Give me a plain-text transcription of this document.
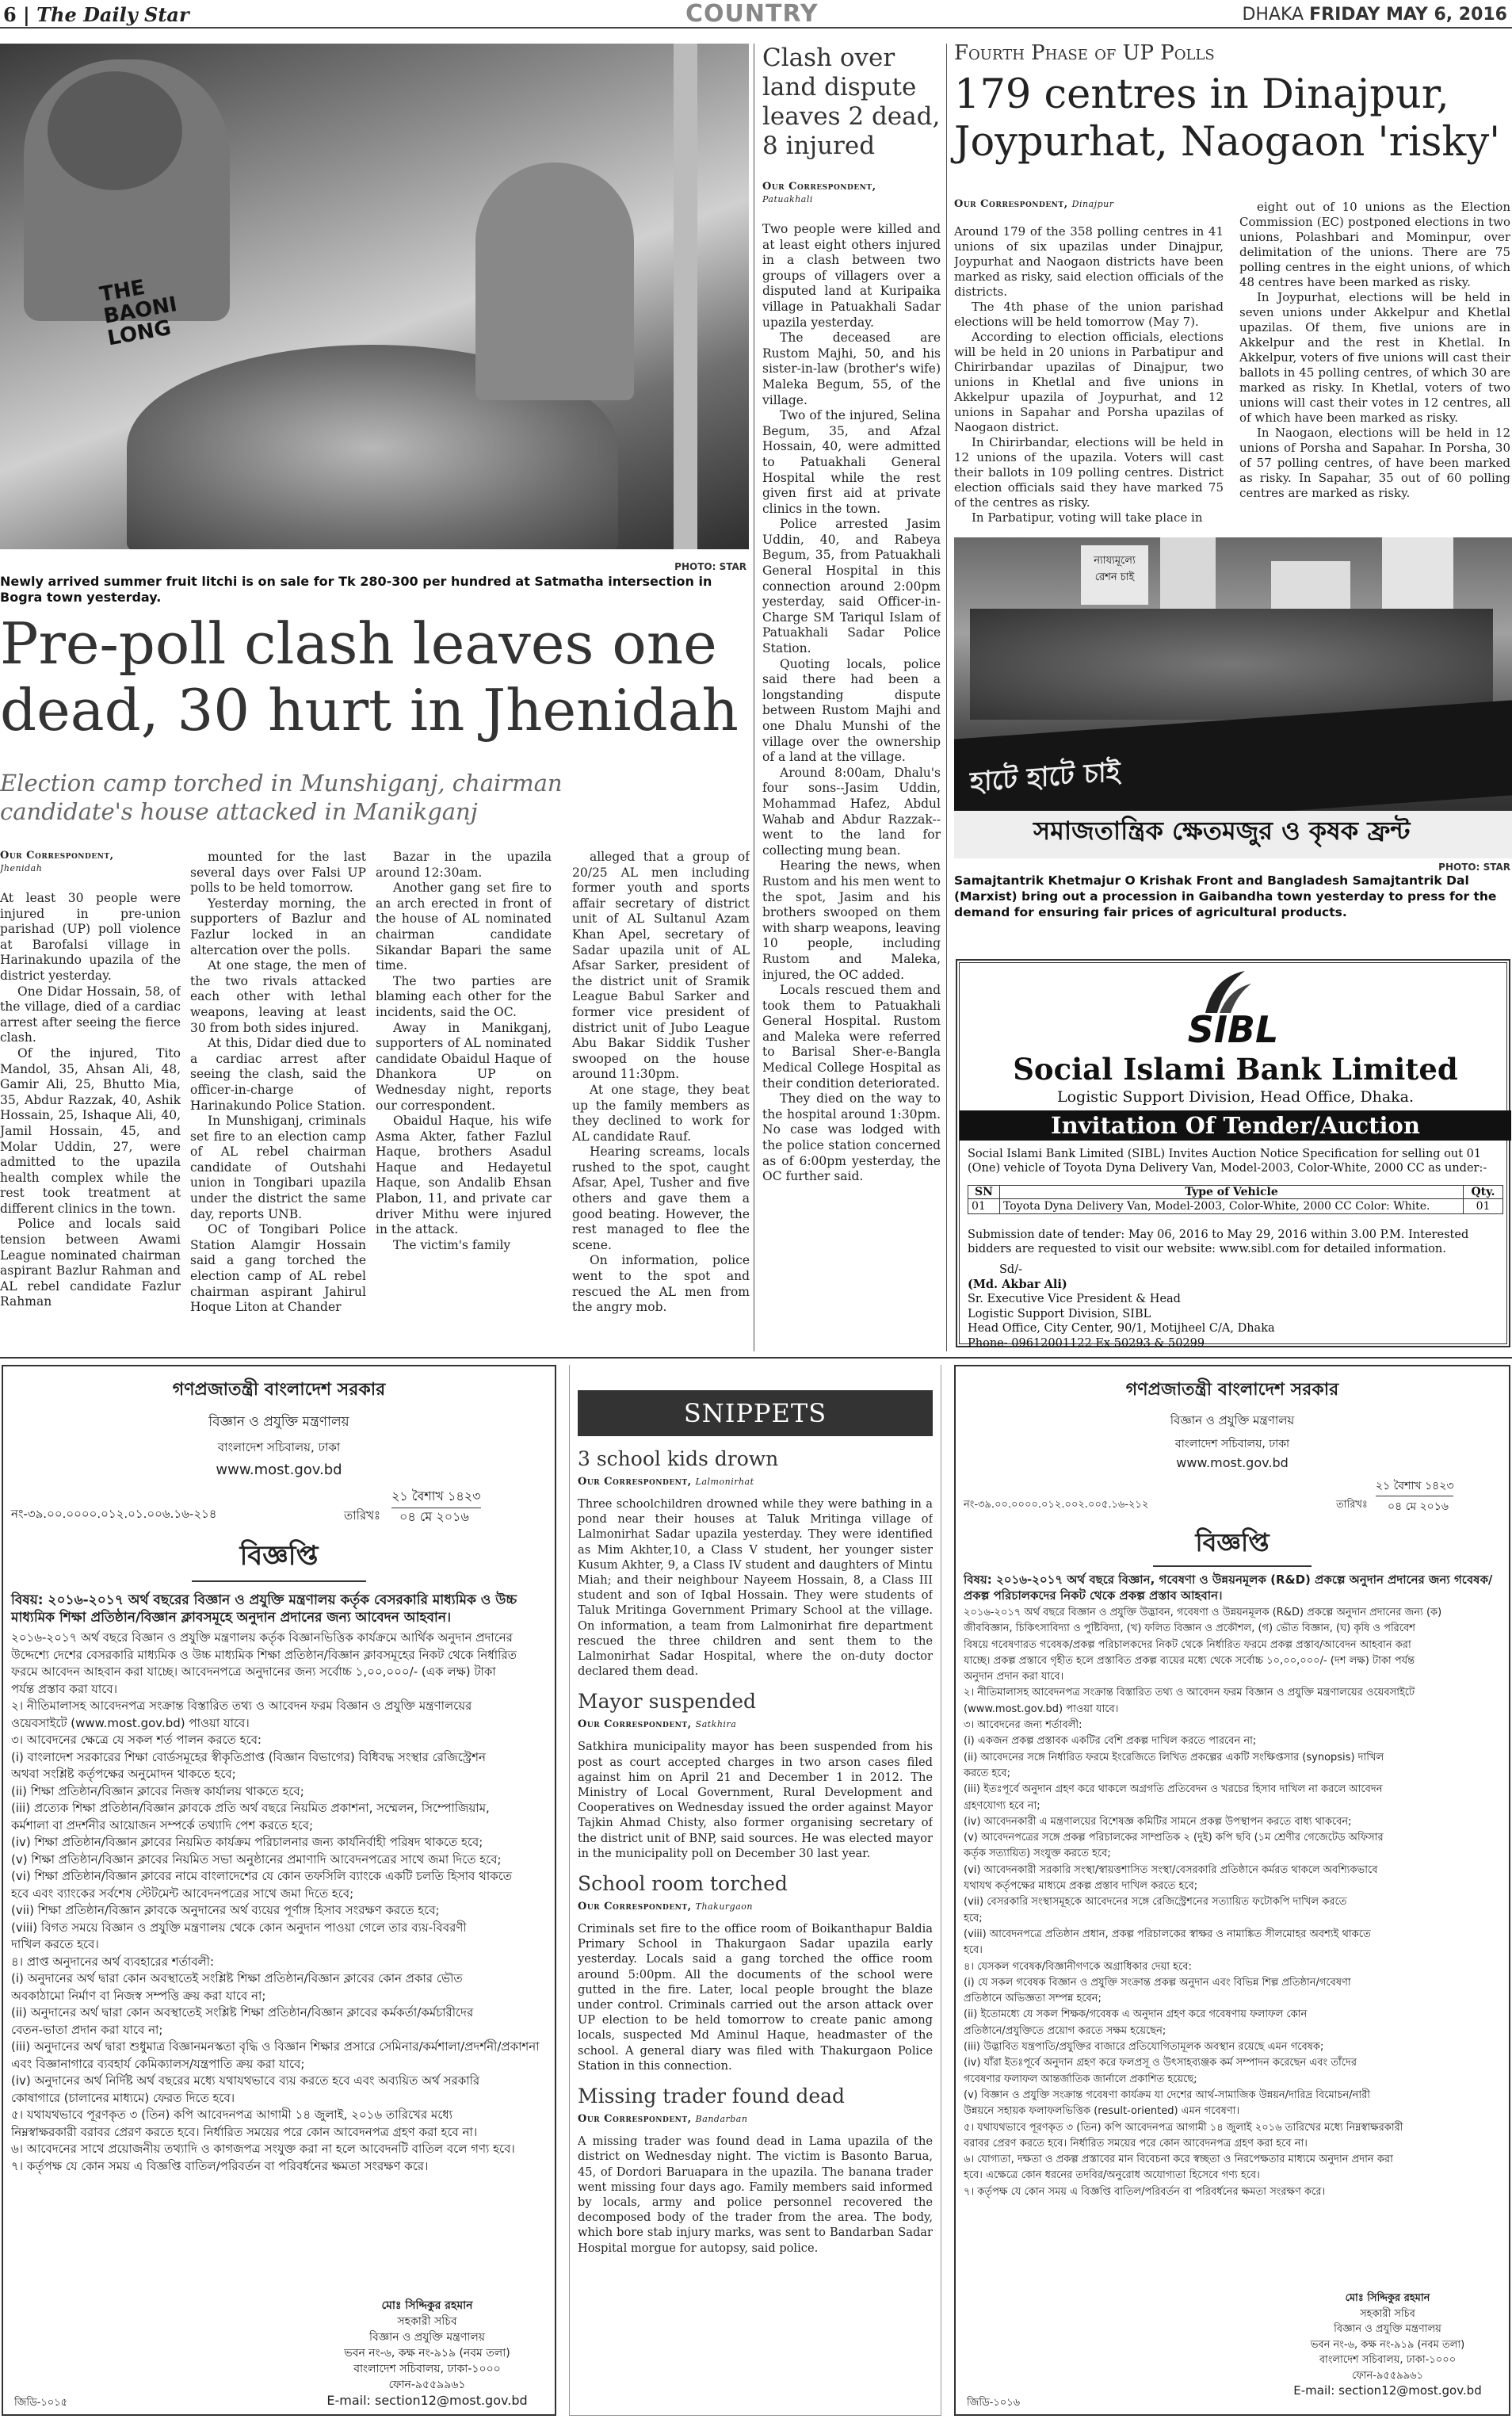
6 | The Daily Star	COUNTRY	DHAKA FRIDAY MAY 6, 2016
THE BAONI LONG
PHOTO: STAR
Newly arrived summer fruit litchi is on sale for Tk 280-300 per hundred at Satmatha intersection in Bogra town yesterday.
Pre-poll clash leaves one dead, 30 hurt in Jhenidah
Election camp torched in Munshiganj, chairman candidate's house attacked in Manikganj
Our Correspondent,
Jhenidah

At least 30 people were injured in pre-union parishad (UP) poll violence at Barofalsi village in Harinakundo upazila of the district yesterday.

One Didar Hossain, 58, of the village, died of a cardiac arrest after seeing the fierce clash.

Of the injured, Tito Mandol, 35, Ahsan Ali, 48, Gamir Ali, 25, Bhutto Mia, 35, Abdur Razzak, 40, Ashik Hossain, 25, Ishaque Ali, 40, Jamil Hossain, 45, and Molar Uddin, 27, were admitted to the upazila health complex while the rest took treatment at different clinics in the town.

Police and locals said tension between Awami League nominated chairman aspirant Bazlur Rahman and AL rebel candidate Fazlur Rahman

mounted for the last several days over Falsi UP polls to be held tomorrow.

Yesterday morning, the supporters of Bazlur and Fazlur locked in an altercation over the polls.

At one stage, the men of the two rivals attacked each other with lethal weapons, leaving at least 30 from both sides injured.

At this, Didar died due to a cardiac arrest after seeing the clash, said the officer-in-charge of Harinakundo Police Station.

In Munshiganj, criminals set fire to an election camp of AL rebel chairman candidate of Outshahi union in Tongibari upazila under the district the same day, reports UNB.

OC of Tongibari Police Station Alamgir Hossain said a gang torched the election camp of AL rebel chairman aspirant Jahirul Hoque Liton at Chander

Bazar in the upazila around 12:30am.

Another gang set fire to an arch erected in front of the house of AL nominated chairman candidate Sikandar Bapari the same time.

The two parties are blaming each other for the incidents, said the OC.

Away in Manikganj, supporters of AL nominated candidate Obaidul Haque of Dhankora UP on Wednesday night, reports our correspondent.

Obaidul Haque, his wife Asma Akter, father Fazlul Haque, brothers Asadul Haque and Hedayetul Haque, son Andalib Ehsan Plabon, 11, and private car driver Mithu were injured in the attack.

The victim's family

alleged that a group of 20/25 AL men including former youth and sports affair secretary of district unit of AL Sultanul Azam Khan Apel, secretary of Sadar upazila unit of AL Afsar Sarker, president of the district unit of Sramik League Babul Sarker and former vice president of district unit of Jubo League Abu Bakar Siddik Tusher swooped on the house around 11:30pm.

At one stage, they beat up the family members as they declined to work for AL candidate Rauf.

Hearing screams, locals rushed to the spot, caught Afsar, Apel, Tusher and five others and gave them a good beating. However, the rest managed to flee the scene.

On information, police went to the spot and rescued the AL men from the angry mob.

Clash over land dispute leaves 2 dead, 8 injured
Our Correspondent,
Patuakhali

Two people were killed and at least eight others injured in a clash between two groups of villagers over a disputed land at Kuripaika village in Patuakhali Sadar upazila yesterday.

The deceased are Rustom Majhi, 50, and his sister-in-law (brother's wife) Maleka Begum, 55, of the village.

Two of the injured, Selina Begum, 35, and Afzal Hossain, 40, were admitted to Patuakhali General Hospital while the rest given first aid at private clinics in the town.

Police arrested Jasim Uddin, 40, and Rabeya Begum, 35, from Patuakhali General Hospital in this connection around 2:00pm yesterday, said Officer-in-Charge SM Tariqul Islam of Patuakhali Sadar Police Station.

Quoting locals, police said there had been a longstanding dispute between Rustom Majhi and one Dhalu Munshi of the village over the ownership of a land at the village.

Around 8:00am, Dhalu's four sons--Jasim Uddin, Mohammad Hafez, Abdul Wahab and Abdur Razzak--went to the land for collecting mung bean.

Hearing the news, when Rustom and his men went to the spot, Jasim and his brothers swooped on them with sharp weapons, leaving 10 people, including Rustom and Maleka, injured, the OC added.

Locals rescued them and took them to Patuakhali General Hospital. Rustom and Maleka were referred to Barisal Sher-e-Bangla Medical College Hospital as their condition deteriorated.

They died on the way to the hospital around 1:30pm. No case was lodged with the police station concerned as of 6:00pm yesterday, the OC further said.

Fourth Phase of UP Polls
179 centres in Dinajpur, Joypurhat, Naogaon 'risky'
Our Correspondent, Dinajpur

Around 179 of the 358 polling centres in 41 unions of six upazilas under Dinajpur, Joypurhat and Naogaon districts have been marked as risky, said election officials of the districts.

The 4th phase of the union parishad elections will be held tomorrow (May 7).

According to election officials, elections will be held in 20 unions in Parbatipur and Chirirbandar upazilas of Dinajpur, two unions in Khetlal and five unions in Akkelpur upazila of Joypurhat, and 12 unions in Sapahar and Porsha upazilas of Naogaon district.

In Chirirbandar, elections will be held in 12 unions of the upazila. Voters will cast their ballots in 109 polling centres. District election officials said they have marked 75 of the centres as risky.

In Parbatipur, voting will take place in

eight out of 10 unions as the Election Commission (EC) postponed elections in two unions, Polashbari and Mominpur, over delimitation of the unions. There are 75 polling centres in the eight unions, of which 48 centres have been marked as risky.

In Joypurhat, elections will be held in seven unions under Akkelpur and Khetlal upazilas. Of them, five unions are in Akkelpur and the rest in Khetlal. In Akkelpur, voters of five unions will cast their ballots in 45 polling centres, of which 30 are marked as risky. In Khetlal, voters of two unions will cast their votes in 12 centres, all of which have been marked as risky.

In Naogaon, elections will be held in 12 unions of Porsha and Sapahar. In Porsha, 30 of 57 polling centres, of have been marked as risky. In Sapahar, 35 out of 60 polling centres are marked as risky.

ন্যায্যমূল্যে
রেশন চাই
হাটে হাটে চাই
সমাজতান্ত্রিক ক্ষেতমজুর ও কৃষক ফ্রন্ট
PHOTO: STAR
Samajtantrik Khetmajur O Krishak Front and Bangladesh Samajtantrik Dal (Marxist) bring out a procession in Gaibandha town yesterday to press for the demand for ensuring fair prices of agricultural products.
SIBL
Social Islami Bank Limited
Logistic Support Division, Head Office, Dhaka.
Invitation Of Tender/Auction
Social Islami Bank Limited (SIBL) Invites Auction Notice Specification for selling out 01 (One) vehicle of Toyota Dyna Delivery Van, Model-2003, Color-White, 2000 CC as under:-
SN	Type of Vehicle	Qty.
01	Toyota Dyna Delivery Van, Model-2003, Color-White, 2000 CC Color: White.	01
Submission date of tender: May 06, 2016 to May 29, 2016 within 3.00 P.M. Interested bidders are requested to visit our website: www.sibl.com for detailed information.
Sd/-
(Md. Akbar Ali)
Sr. Executive Vice President & Head
Logistic Support Division, SIBL
Head Office, City Center, 90/1, Motijheel C/A, Dhaka
Phone- 09612001122 Ex 50293 & 50299
গণপ্রজাতন্ত্রী বাংলাদেশ সরকার
বিজ্ঞান ও প্রযুক্তি মন্ত্রণালয়
বাংলাদেশ সচিবালয়, ঢাকা
www.most.gov.bd
২১ বৈশাখ ১৪২৩
নং-৩৯.০০.০০০০.০১২.০১.০০৬.১৬-২১৪	তারিখঃ ০৪ মে ২০১৬
বিজ্ঞপ্তি
বিষয়: ২০১৬-২০১৭ অর্থ বছরের বিজ্ঞান ও প্রযুক্তি মন্ত্রণালয় কর্তৃক বেসরকারি মাধ্যমিক ও উচ্চ মাধ্যমিক শিক্ষা প্রতিষ্ঠান/বিজ্ঞান ক্লাবসমূহে অনুদান প্রদানের জন্য আবেদন আহবান।
২০১৬-২০১৭ অর্থ বছরে বিজ্ঞান ও প্রযুক্তি মন্ত্রণালয় কর্তৃক বিজ্ঞানভিত্তিক কার্যক্রমে আর্থিক অনুদান প্রদানের
উদ্দেশ্যে দেশের বেসরকারি মাধ্যমিক ও উচ্চ মাধ্যমিক শিক্ষা প্রতিষ্ঠান/বিজ্ঞান ক্লাবসমূহের নিকট থেকে নির্ধারিত
ফরমে আবেদন আহবান করা যাচ্ছে। আবেদনপত্রে অনুদানের জন্য সর্বোচ্চ ১,০০,০০০/- (এক লক্ষ) টাকা
পর্যন্ত প্রস্তাব করা যাবে।
২। নীতিমালাসহ আবেদনপত্র সংক্রান্ত বিস্তারিত তথ্য ও আবেদন ফরম বিজ্ঞান ও প্রযুক্তি মন্ত্রণালয়ের
ওয়েবসাইটে (www.most.gov.bd) পাওয়া যাবে।
৩। আবেদনের ক্ষেত্রে যে সকল শর্ত পালন করতে হবে:
(i) বাংলাদেশ সরকারের শিক্ষা বোর্ডসমূহের স্বীকৃতিপ্রাপ্ত (বিজ্ঞান বিভাগের) বিধিবদ্ধ সংস্থার রেজিস্ট্রেশন
অথবা সংশ্লিষ্ট কর্তৃপক্ষের অনুমোদন থাকতে হবে;
(ii) শিক্ষা প্রতিষ্ঠান/বিজ্ঞান ক্লাবের নিজস্ব কার্যালয় থাকতে হবে;
(iii) প্রত্যেক শিক্ষা প্রতিষ্ঠান/বিজ্ঞান ক্লাবকে প্রতি অর্থ বছরে নিয়মিত প্রকাশনা, সম্মেলন, সিম্পোজিয়াম,
কর্মশালা বা প্রদর্শনীর আয়োজন সম্পর্কে তথ্যাদি পেশ করতে হবে;
(iv) শিক্ষা প্রতিষ্ঠান/বিজ্ঞান ক্লাবের নিয়মিত কার্যক্রম পরিচালনার জন্য কার্যনির্বাহী পরিষদ থাকতে হবে;
(v) শিক্ষা প্রতিষ্ঠান/বিজ্ঞান ক্লাবের নিয়মিত সভা অনুষ্ঠানের প্রমাণাদি আবেদনপত্রের সাথে জমা দিতে হবে;
(vi) শিক্ষা প্রতিষ্ঠান/বিজ্ঞান ক্লাবের নামে বাংলাদেশের যে কোন তফসিলি ব্যাংকে একটি চলতি হিসাব থাকতে
হবে এবং ব্যাংকের সর্বশেষ স্টেটমেন্ট আবেদনপত্রের সাথে জমা দিতে হবে;
(vii) শিক্ষা প্রতিষ্ঠান/বিজ্ঞান ক্লাবকে অনুদানের অর্থ ব্যয়ের পূর্ণাঙ্গ হিসাব সংরক্ষণ করতে হবে;
(viii) বিগত সময়ে বিজ্ঞান ও প্রযুক্তি মন্ত্রণালয় থেকে কোন অনুদান পাওয়া গেলে তার ব্যয়-বিবরণী
দাখিল করতে হবে।
৪। প্রাপ্ত অনুদানের অর্থ ব্যবহারের শর্তাবলী:
(i) অনুদানের অর্থ দ্বারা কোন অবস্থাতেই সংশ্লিষ্ট শিক্ষা প্রতিষ্ঠান/বিজ্ঞান ক্লাবের কোন প্রকার ভৌত
অবকাঠামো নির্মাণ বা নিজস্ব সম্পত্তি ক্রয় করা যাবে না;
(ii) অনুদানের অর্থ দ্বারা কোন অবস্থাতেই সংশ্লিষ্ট শিক্ষা প্রতিষ্ঠান/বিজ্ঞান ক্লাবের কর্মকর্তা/কর্মচারীদের
বেতন-ভাতা প্রদান করা যাবে না;
(iii) অনুদানের অর্থ দ্বারা শুধুমাত্র বিজ্ঞানমনস্কতা বৃদ্ধি ও বিজ্ঞান শিক্ষার প্রসারে সেমিনার/কর্মশালা/প্রদর্শনী/প্রকাশনা
এবং বিজ্ঞানাগারে ব্যবহার্য কেমিক্যালস/যন্ত্রপাতি ক্রয় করা যাবে;
(iv) অনুদানের অর্থ নির্দিষ্ট অর্থ বছরের মধ্যে যথাযথভাবে ব্যয় করতে হবে এবং অব্যয়িত অর্থ সরকারি
কোষাগারে (চালানের মাধ্যমে) ফেরত দিতে হবে।
৫। যথাযথভাবে পূরণকৃত ৩ (তিন) কপি আবেদনপত্র আগামী ১৪ জুলাই, ২০১৬ তারিখের মধ্যে
নিম্নস্বাক্ষরকারী বরাবর প্রেরণ করতে হবে। নির্ধারিত সময়ের পরে কোন আবেদনপত্র গ্রহণ করা হবে না।
৬। আবেদনের সাথে প্রয়োজনীয় তথ্যাদি ও কাগজপত্র সংযুক্ত করা না হলে আবেদনটি বাতিল বলে গণ্য হবে।
৭। কর্তৃপক্ষ যে কোন সময় এ বিজ্ঞপ্তি বাতিল/পরিবর্তন বা পরিবর্ধনের ক্ষমতা সংরক্ষণ করে।
মোঃ সিদ্দিকুর রহমান
সহকারী সচিব
বিজ্ঞান ও প্রযুক্তি মন্ত্রণালয়
ভবন নং-৬, কক্ষ নং-৯১৯ (নবম তলা)
বাংলাদেশ সচিবালয়, ঢাকা-১০০০
ফোন-৯৫৫৯৯৬১
E-mail: section12@most.gov.bd
জিডি-১০১৫
SNIPPETS
3 school kids drown
Our Correspondent, Lalmonirhat
Three schoolchildren drowned while they were bathing in a pond near their houses at Taluk Mritinga village of Lalmonirhat Sadar upazila yesterday. They were identified as Mim Akhter,10, a Class V student, her younger sister Kusum Akhter, 9, a Class IV student and daughters of Mintu Miah; and their neighbour Nayeem Hossain, 8, a Class III student and son of Iqbal Hossain. They were students of Taluk Mritinga Government Primary School at the village. On information, a team from Lalmonirhat fire department rescued the three children and sent them to the Lalmonirhat Sadar Hospital, where the on-duty doctor declared them dead.
Mayor suspended
Our Correspondent, Satkhira
Satkhira municipality mayor has been suspended from his post as court accepted charges in two arson cases filed against him on April 21 and December 1 in 2012. The Ministry of Local Government, Rural Development and Cooperatives on Wednesday issued the order against Mayor Tajkin Ahmad Chisty, also former organising secretary of the district unit of BNP, said sources. He was elected mayor in the municipality poll on December 30 last year.
School room torched
Our Correspondent, Thakurgaon
Criminals set fire to the office room of Boikanthapur Baldia Primary School in Thakurgaon Sadar upazila early yesterday. Locals said a gang torched the office room around 5:00pm. All the documents of the school were gutted in the fire. Later, local people brought the blaze under control. Criminals carried out the arson attack over UP election to be held tomorrow to create panic among locals, suspected Md Aminul Haque, headmaster of the school. A general diary was filed with Thakurgaon Police Station in this connection.
Missing trader found dead
Our Correspondent, Bandarban
A missing trader was found dead in Lama upazila of the district on Wednesday night. The victim is Basonto Barua, 45, of Dordori Baruapara in the upazila. The banana trader went missing four days ago. Family members said informed by locals, army and police personnel recovered the decomposed body of the trader from the area. The body, which bore stab injury marks, was sent to Bandarban Sadar Hospital morgue for autopsy, said police.
গণপ্রজাতন্ত্রী বাংলাদেশ সরকার
বিজ্ঞান ও প্রযুক্তি মন্ত্রণালয়
বাংলাদেশ সচিবালয়, ঢাকা
www.most.gov.bd
২১ বৈশাখ ১৪২৩
নং-৩৯.০০.০০০০.০১২.০০২.০০৫.১৬-২১২	তারিখঃ ০৪ মে ২০১৬
বিজ্ঞপ্তি
বিষয়: ২০১৬-২০১৭ অর্থ বছরে বিজ্ঞান, গবেষণা ও উন্নয়নমূলক (R&D) প্রকল্পে অনুদান প্রদানের জন্য গবেষক/প্রকল্প পরিচালকদের নিকট থেকে প্রকল্প প্রস্তাব আহবান।
২০১৬-২০১৭ অর্থ বছরে বিজ্ঞান ও প্রযুক্তি উদ্ভাবন, গবেষণা ও উন্নয়নমূলক (R&D) প্রকল্পে অনুদান প্রদানের জন্য (ক)
জীববিজ্ঞান, চিকিৎসাবিদ্যা ও পুষ্টিবিদ্যা, (খ) ফলিত বিজ্ঞান ও প্রকৌশল, (গ) ভৌত বিজ্ঞান, (ঘ) কৃষি ও পরিবেশ
বিষয়ে গবেষণারত গবেষক/প্রকল্প পরিচালকদের নিকট থেকে নির্ধারিত ফরমে প্রকল্প প্রস্তাব/আবেদন আহবান করা
যাচ্ছে। প্রকল্প প্রস্তাবে গৃহীত হলে প্রস্তাবিত প্রকল্প ব্যয়ের মধ্যে থেকে সর্বোচ্চ ১০,০০,০০০/- (দশ লক্ষ) টাকা পর্যন্ত
অনুদান প্রদান করা যাবে।
২। নীতিমালাসহ আবেদনপত্র সংক্রান্ত বিস্তারিত তথ্য ও আবেদন ফরম বিজ্ঞান ও প্রযুক্তি মন্ত্রণালয়ের ওয়েবসাইটে
(www.most.gov.bd) পাওয়া যাবে।
৩। আবেদনের জন্য শর্তাবলী:
(i) একজন প্রকল্প প্রস্তাবক একটির বেশি প্রকল্প দাখিল করতে পারবেন না;
(ii) আবেদনের সঙ্গে নির্ধারিত ফরমে ইংরেজিতে লিখিত প্রকল্পের একটি সংক্ষিপ্তসার (synopsis) দাখিল
করতে হবে;
(iii) ইতঃপূর্বে অনুদান গ্রহণ করে থাকলে অগ্রগতি প্রতিবেদন ও খরচের হিসাব দাখিল না করলে আবেদন
গ্রহণযোগ্য হবে না;
(iv) আবেদনকারী এ মন্ত্রণালয়ের বিশেষজ্ঞ কমিটির সামনে প্রকল্প উপস্থাপন করতে বাধ্য থাকবেন;
(v) আবেদনপত্রের সঙ্গে প্রকল্প পরিচালকের সাম্প্রতিক ২ (দুই) কপি ছবি (১ম শ্রেণীর গেজেটেড অফিসার
কর্তৃক সত্যায়িত) সংযুক্ত করতে হবে;
(vi) আবেদনকারী সরকারি সংস্থা/স্বায়ত্তশাসিত সংস্থা/বেসরকারি প্রতিষ্ঠানে কর্মরত থাকলে অবশ্যিকভাবে
যথাযথ কর্তৃপক্ষের মাধ্যমে প্রকল্প প্রস্তাব দাখিল করতে হবে;
(vii) বেসরকারি সংস্থাসমূহকে আবেদনের সঙ্গে রেজিস্ট্রেশনের সত্যায়িত ফটোকপি দাখিল করতে
হবে;
(viii) আবেদনপত্রে প্রতিষ্ঠান প্রধান, প্রকল্প পরিচালকের স্বাক্ষর ও নামাঙ্কিত সীলমোহর অবশ্যই থাকতে
হবে।
৪। যেসকল গবেষক/বিজ্ঞানীগণকে অগ্রাধিকার দেয়া হবে:
(i) যে সকল গবেষক বিজ্ঞান ও প্রযুক্তি সংক্রান্ত প্রকল্প অনুদান এবং বিভিন্ন শিল্প প্রতিষ্ঠান/গবেষণা
প্রতিষ্ঠানে অভিজ্ঞতা সম্পন্ন হবেন;
(ii) ইতোমধ্যে যে সকল শিক্ষক/গবেষক এ অনুদান গ্রহণ করে গবেষণায় ফলাফল কোন
প্রতিষ্ঠানে/প্রযুক্তিতে প্রয়োগ করতে সক্ষম হয়েছেন;
(iii) উদ্ভাবিত যন্ত্রপাতি/প্রযুক্তির বাজারে প্রতিযোগিতামূলক অবস্থান রয়েছে এমন গবেষক;
(iv) যাঁরা ইতঃপূর্বে অনুদান গ্রহণ করে ফলপ্রসূ ও উৎসাহব্যঞ্জক কর্ম সম্পাদন করেছেন এবং তাঁদের
গবেষণার ফলাফল আন্তর্জাতিক জার্নালে প্রকাশিত হয়েছে;
(v) বিজ্ঞান ও প্রযুক্তি সংক্রান্ত গবেষণা কার্যক্রম যা দেশের আর্থ-সামাজিক উন্নয়ন/দারিদ্র বিমোচন/নারী
উন্নয়নে সহায়ক ফলাফলভিত্তিক (result-oriented) এমন গবেষণা।
৫। যথাযথভাবে পূরণকৃত ৩ (তিন) কপি আবেদনপত্র আগামী ১৪ জুলাই ২০১৬ তারিখের মধ্যে নিম্নস্বাক্ষরকারী
বরাবর প্রেরণ করতে হবে। নির্ধারিত সময়ের পরে কোন আবেদনপত্র গ্রহণ করা হবে না।
৬। যোগ্যতা, দক্ষতা ও প্রকল্প প্রস্তাবের মান বিবেচনা করে স্বচ্ছতা ও নিরপেক্ষতার মাধ্যমে অনুদান প্রদান করা
হবে। এক্ষেত্রে কোন ধরনের তদবির/অনুরোধ অযোগ্যতা হিসেবে গণ্য হবে।
৭। কর্তৃপক্ষ যে কোন সময় এ বিজ্ঞপ্তি বাতিল/পরিবর্তন বা পরিবর্ধনের ক্ষমতা সংরক্ষণ করে।
মোঃ সিদ্দিকুর রহমান
সহকারী সচিব
বিজ্ঞান ও প্রযুক্তি মন্ত্রণালয়
ভবন নং-৬, কক্ষ নং-৯১৯ (নবম তলা)
বাংলাদেশ সচিবালয়, ঢাকা-১০০০
ফোন-৯৫৫৯৯৬১
E-mail: section12@most.gov.bd
জিডি-১০১৬
